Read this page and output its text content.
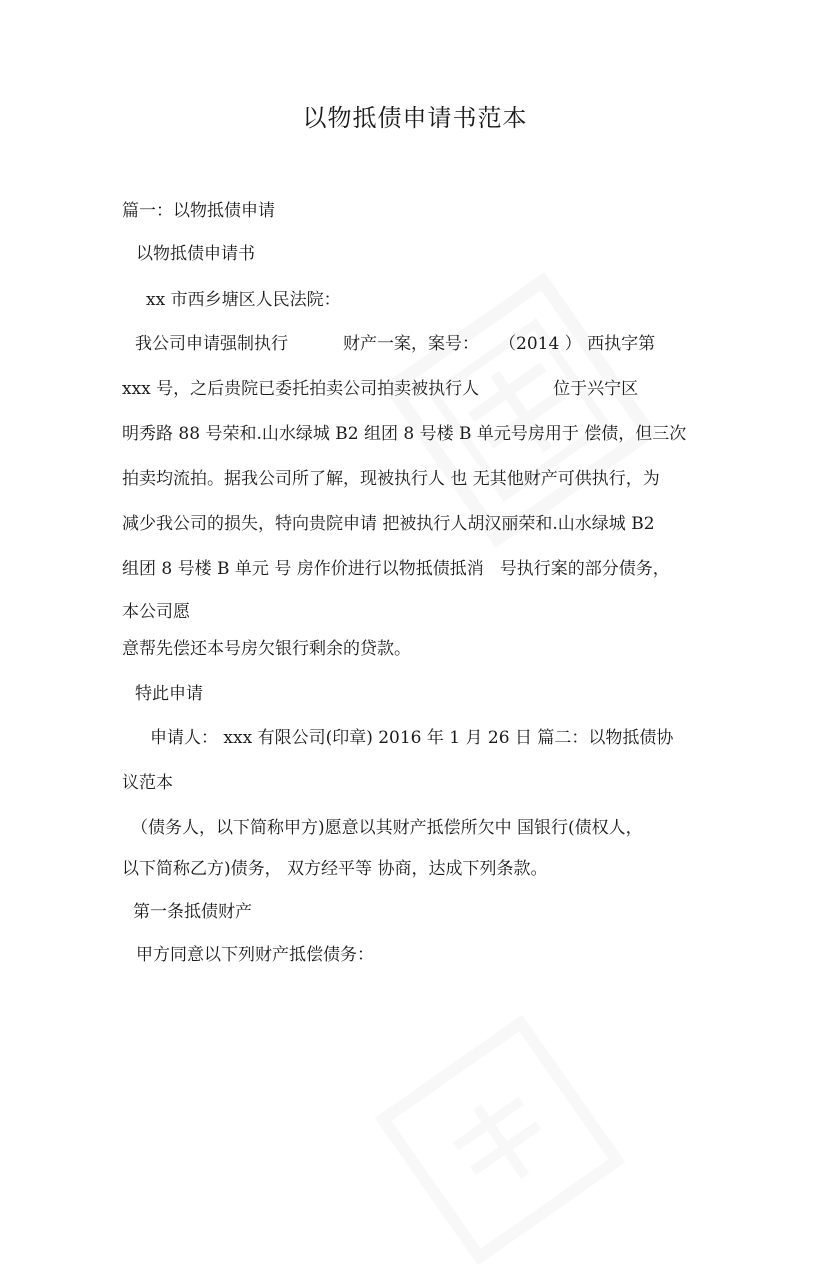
以物抵债申请书范本
篇一：以物抵债申请
以物抵债申请书
xx 市西乡塘区人民法院：
我公司申请强制执行	财产一案，案号： （2014 ） 西执字第
xxx 号，之后贵院已委托拍卖公司拍卖被执行人	位于兴宁区
明秀路 88 号荣和.山水绿城 B2 组团 8 号楼 B 单元号房用于 偿债，但三次
拍卖均流拍。据我公司所了解，现被执行人 也 无其他财产可供执行，为
减少我公司的损失，特向贵院申请 把被执行人胡汉丽荣和.山水绿城 B2
组团 8 号楼 B 单元 号 房作价进行以物抵债抵消 号执行案的部分债务，
本公司愿
意帮先偿还本号房欠银行剩余的贷款。
特此申请
申请人： xxx 有限公司(印章) 2016 年 1 月 26 日 篇二：以物抵债协
议范本
（债务人，以下简称甲方)愿意以其财产抵偿所欠中 国银行(债权人，
以下简称乙方)债务， 双方经平等 协商，达成下列条款。
第一条抵债财产
甲方同意以下列财产抵偿债务：
